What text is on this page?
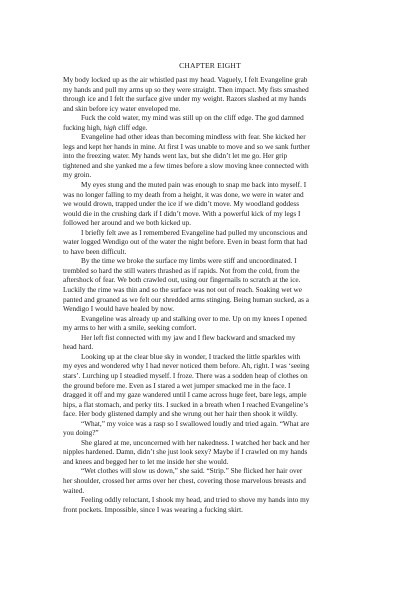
CHAPTER EIGHT
My body locked up as the air whistled past my head. Vaguely, I felt Evangeline grab
my hands and pull my arms up so they were straight. Then impact. My fists smashed
through ice and I felt the surface give under my weight. Razors slashed at my hands
and skin before icy water enveloped me.
Fuck the cold water, my mind was still up on the cliff edge. The god damned
fucking high, high cliff edge.
Evangeline had other ideas than becoming mindless with fear. She kicked her
legs and kept her hands in mine. At first I was unable to move and so we sank further
into the freezing water. My hands went lax, but she didn’t let me go. Her grip
tightened and she yanked me a few times before a slow moving knee connected with
my groin.
My eyes stung and the muted pain was enough to snap me back into myself. I
was no longer falling to my death from a height, it was done, we were in water and
we would drown, trapped under the ice if we didn’t move. My woodland goddess
would die in the crushing dark if I didn’t move. With a powerful kick of my legs I
followed her around and we both kicked up.
I briefly felt awe as I remembered Evangeline had pulled my unconscious and
water logged Wendigo out of the water the night before. Even in beast form that had
to have been difficult.
By the time we broke the surface my limbs were stiff and uncoordinated. I
trembled so hard the still waters thrashed as if rapids. Not from the cold, from the
aftershock of fear. We both crawled out, using our fingernails to scratch at the ice.
Luckily the rime was thin and so the surface was not out of reach. Soaking wet we
panted and groaned as we felt our shredded arms stinging. Being human sucked, as a
Wendigo I would have healed by now.
Evangeline was already up and stalking over to me. Up on my knees I opened
my arms to her with a smile, seeking comfort.
Her left fist connected with my jaw and I flew backward and smacked my
head hard.
Looking up at the clear blue sky in wonder, I tracked the little sparkles with
my eyes and wondered why I had never noticed them before. Ah, right. I was ‘seeing
stars’. Lurching up I steadied myself. I froze. There was a sodden heap of clothes on
the ground before me. Even as I stared a wet jumper smacked me in the face. I
dragged it off and my gaze wandered until I came across huge feet, bare legs, ample
hips, a flat stomach, and perky tits. I sucked in a breath when I reached Evangeline’s
face. Her body glistened damply and she wrung out her hair then shook it wildly.
“What,” my voice was a rasp so I swallowed loudly and tried again. “What are
you doing?”
She glared at me, unconcerned with her nakedness. I watched her back and her
nipples hardened. Damn, didn’t she just look sexy? Maybe if I crawled on my hands
and knees and begged her to let me inside her she would.
“Wet clothes will slow us down,” she said. “Strip.” She flicked her hair over
her shoulder, crossed her arms over her chest, covering those marvelous breasts and
waited.
Feeling oddly reluctant, I shook my head, and tried to shove my hands into my
front pockets. Impossible, since I was wearing a fucking skirt.
